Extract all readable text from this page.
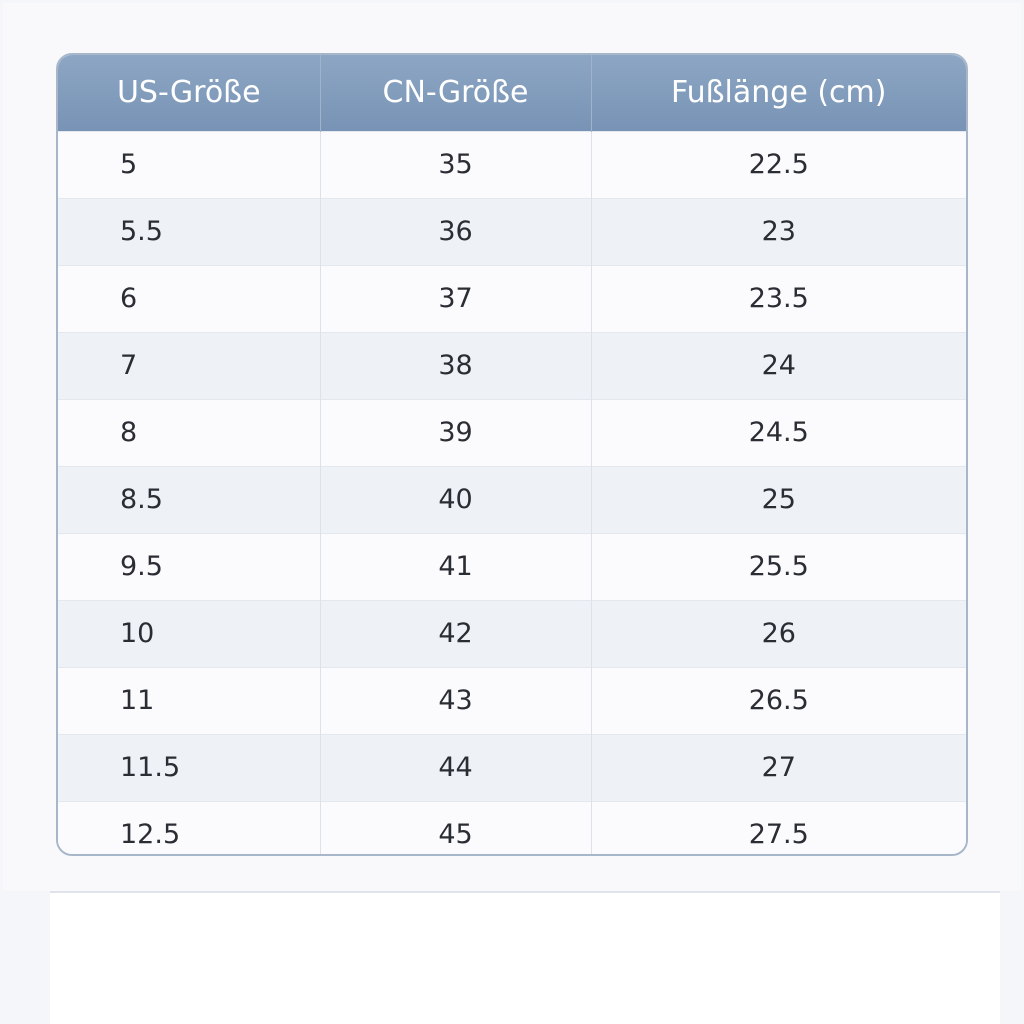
US-Größe	CN-Größe	Fußlänge (cm)
5	35	22.5
5.5	36	23
6	37	23.5
7	38	24
8	39	24.5
8.5	40	25
9.5	41	25.5
10	42	26
11	43	26.5
11.5	44	27
12.5	45	27.5
